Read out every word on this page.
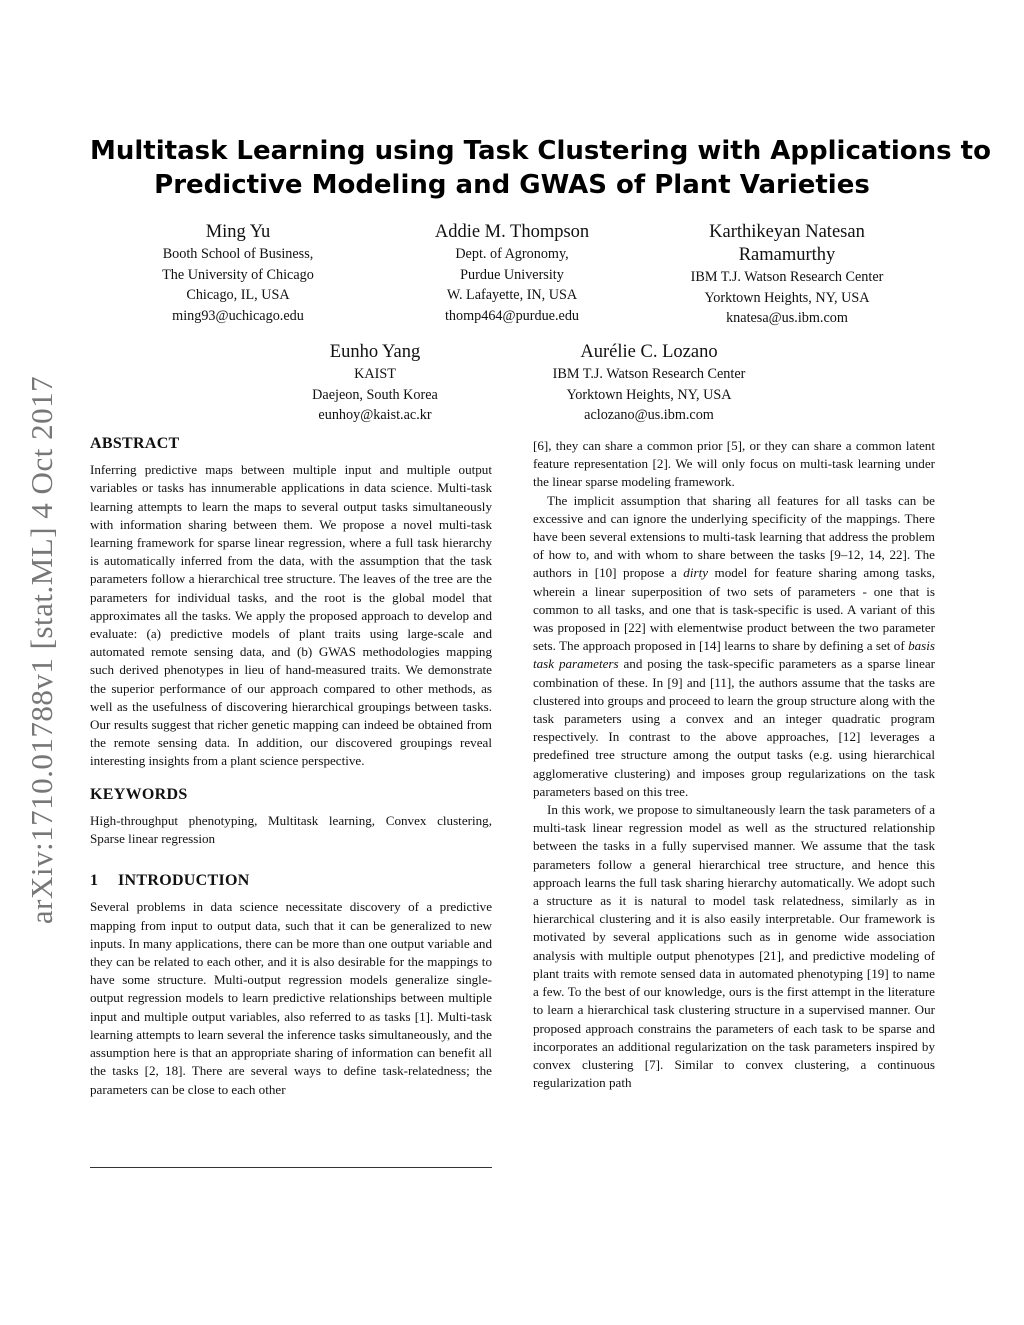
arXiv:1710.01788v1 [stat.ML] 4 Oct 2017
Multitask Learning using Task Clustering with Applications to
Predictive Modeling and GWAS of Plant Varieties
Ming Yu
Booth School of Business,
The University of Chicago
Chicago, IL, USA
ming93@uchicago.edu
Addie M. Thompson
Dept. of Agronomy,
Purdue University
W. Lafayette, IN, USA
thomp464@purdue.edu
Karthikeyan Natesan
Ramamurthy
IBM T.J. Watson Research Center
Yorktown Heights, NY, USA
knatesa@us.ibm.com
Eunho Yang
KAIST
Daejeon, South Korea
eunhoy@kaist.ac.kr
Aurélie C. Lozano
IBM T.J. Watson Research Center
Yorktown Heights, NY, USA
aclozano@us.ibm.com
ABSTRACT

Inferring predictive maps between multiple input and multiple output variables or tasks has innumerable applications in data science. Multi-task learning attempts to learn the maps to several output tasks simultaneously with information sharing between them. We propose a novel multi-task learning framework for sparse linear regression, where a full task hierarchy is automatically inferred from the data, with the assumption that the task parameters follow a hierarchical tree structure. The leaves of the tree are the parameters for individual tasks, and the root is the global model that approximates all the tasks. We apply the proposed approach to develop and evaluate: (a) predictive models of plant traits using large-scale and automated remote sensing data, and (b) GWAS methodologies mapping such derived phenotypes in lieu of hand-measured traits. We demonstrate the superior performance of our approach compared to other methods, as well as the usefulness of discovering hierarchical groupings between tasks. Our results suggest that richer genetic mapping can indeed be obtained from the remote sensing data. In addition, our discovered groupings reveal interesting insights from a plant science perspective.

KEYWORDS

High-throughput phenotyping, Multitask learning, Convex clustering, Sparse linear regression

1 INTRODUCTION

Several problems in data science necessitate discovery of a predictive mapping from input to output data, such that it can be generalized to new inputs. In many applications, there can be more than one output variable and they can be related to each other, and it is also desirable for the mappings to have some structure. Multi-output regression models generalize single-output regression models to learn predictive relationships between multiple input and multiple output variables, also referred to as tasks [1]. Multi-task learning attempts to learn several the inference tasks simultaneously, and the assumption here is that an appropriate sharing of information can benefit all the tasks [2, 18]. There are several ways to define task-relatedness; the parameters can be close to each other

[6], they can share a common prior [5], or they can share a common latent feature representation [2]. We will only focus on multi-task learning under the linear sparse modeling framework.

The implicit assumption that sharing all features for all tasks can be excessive and can ignore the underlying specificity of the mappings. There have been several extensions to multi-task learning that address the problem of how to, and with whom to share between the tasks [9–12, 14, 22]. The authors in [10] propose a dirty model for feature sharing among tasks, wherein a linear superposition of two sets of parameters - one that is common to all tasks, and one that is task-specific is used. A variant of this was proposed in [22] with elementwise product between the two parameter sets. The approach proposed in [14] learns to share by defining a set of basis task parameters and posing the task-specific parameters as a sparse linear combination of these. In [9] and [11], the authors assume that the tasks are clustered into groups and proceed to learn the group structure along with the task parameters using a convex and an integer quadratic program respectively. In contrast to the above approaches, [12] leverages a predefined tree structure among the output tasks (e.g. using hierarchical agglomerative clustering) and imposes group regularizations on the task parameters based on this tree.

In this work, we propose to simultaneously learn the task parameters of a multi-task linear regression model as well as the structured relationship between the tasks in a fully supervised manner. We assume that the task parameters follow a general hierarchical tree structure, and hence this approach learns the full task sharing hierarchy automatically. We adopt such a structure as it is natural to model task relatedness, similarly as in hierarchical clustering and it is also easily interpretable. Our framework is motivated by several applications such as in genome wide association analysis with multiple output phenotypes [21], and predictive modeling of plant traits with remote sensed data in automated phenotyping [19] to name a few. To the best of our knowledge, ours is the first attempt in the literature to learn a hierarchical task clustering structure in a supervised manner. Our proposed approach constrains the parameters of each task to be sparse and incorporates an additional regularization on the task parameters inspired by convex clustering [7]. Similar to convex clustering, a continuous regularization path
